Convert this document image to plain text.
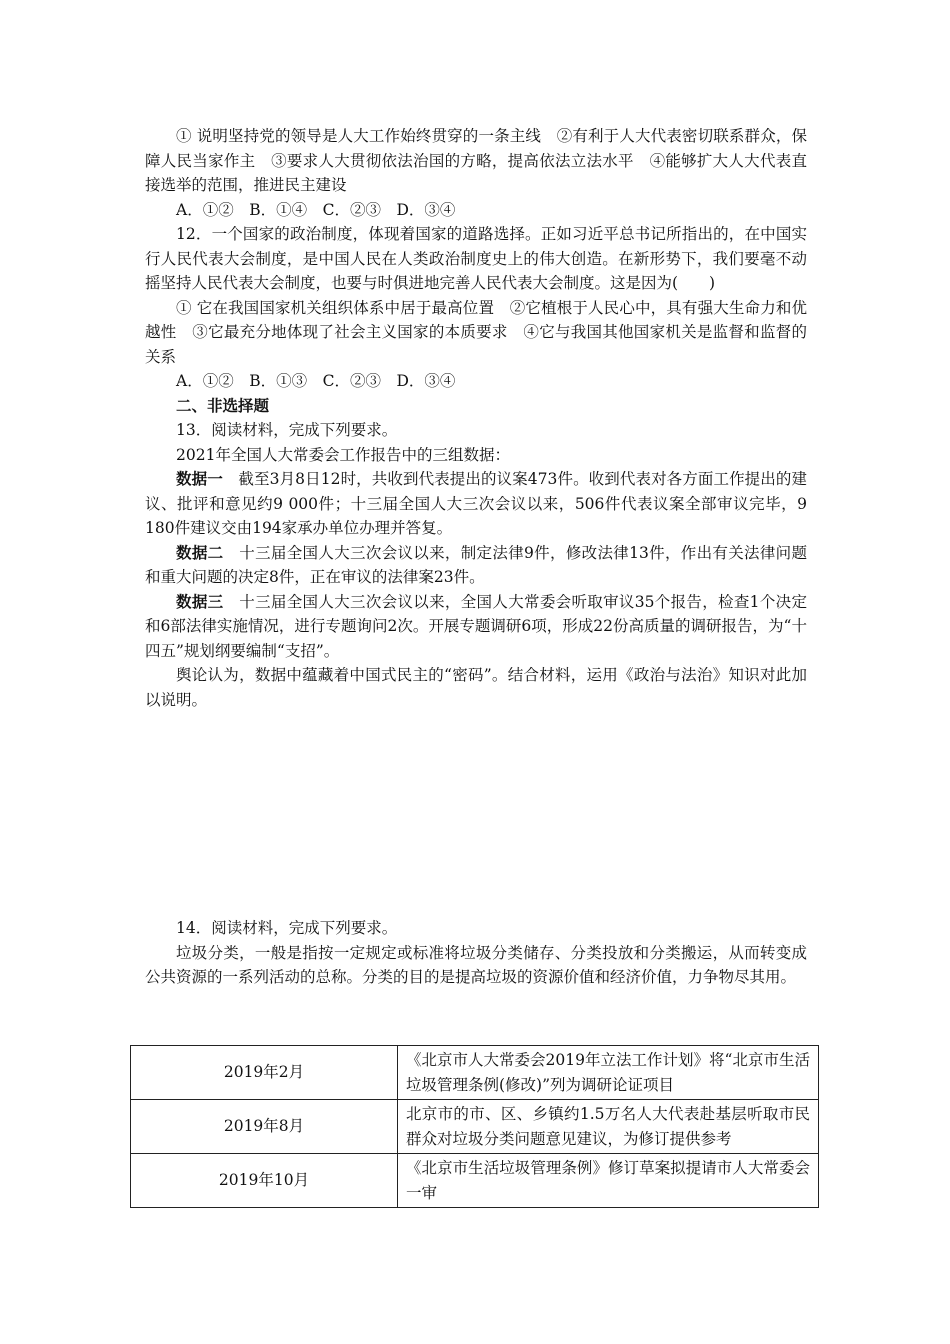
① 说明坚持党的领导是人大工作始终贯穿的一条主线　②有利于人大代表密切联系群众，保障人民当家作主　③要求人大贯彻依法治国的方略，提高依法立法水平　④能够扩大人大代表直接选举的范围，推进民主建设

A．①②　B．①④　C．②③　D．③④

12．一个国家的政治制度，体现着国家的道路选择。正如习近平总书记所指出的，在中国实行人民代表大会制度，是中国人民在人类政治制度史上的伟大创造。在新形势下，我们要毫不动摇坚持人民代表大会制度，也要与时俱进地完善人民代表大会制度。这是因为(　　)

① 它在我国国家机关组织体系中居于最高位置　②它植根于人民心中，具有强大生命力和优越性　③它最充分地体现了社会主义国家的本质要求　④它与我国其他国家机关是监督和监督的关系

A．①②　B．①③　C．②③　D．③④

二、非选择题

13．阅读材料，完成下列要求。

2021年全国人大常委会工作报告中的三组数据：

数据一　截至3月8日12时，共收到代表提出的议案473件。收到代表对各方面工作提出的建议、批评和意见约9 000件；十三届全国人大三次会议以来，506件代表议案全部审议完毕，9 180件建议交由194家承办单位办理并答复。

数据二　十三届全国人大三次会议以来，制定法律9件，修改法律13件，作出有关法律问题和重大问题的决定8件，正在审议的法律案23件。

数据三　十三届全国人大三次会议以来，全国人大常委会听取审议35个报告，检查1个决定和6部法律实施情况，进行专题询问2次。开展专题调研6项，形成22份高质量的调研报告，为“十四五”规划纲要编制“支招”。

舆论认为，数据中蕴藏着中国式民主的“密码”。结合材料，运用《政治与法治》知识对此加以说明。

14．阅读材料，完成下列要求。

垃圾分类，一般是指按一定规定或标准将垃圾分类储存、分类投放和分类搬运，从而转变成公共资源的一系列活动的总称。分类的目的是提高垃圾的资源价值和经济价值，力争物尽其用。

2019年2月	《北京市人大常委会2019年立法工作计划》将“北京市生活垃圾管理条例(修改)”列为调研论证项目
2019年8月	北京市的市、区、乡镇约1.5万名人大代表赴基层听取市民群众对垃圾分类问题意见建议，为修订提供参考
2019年10月	《北京市生活垃圾管理条例》修订草案拟提请市人大常委会一审
